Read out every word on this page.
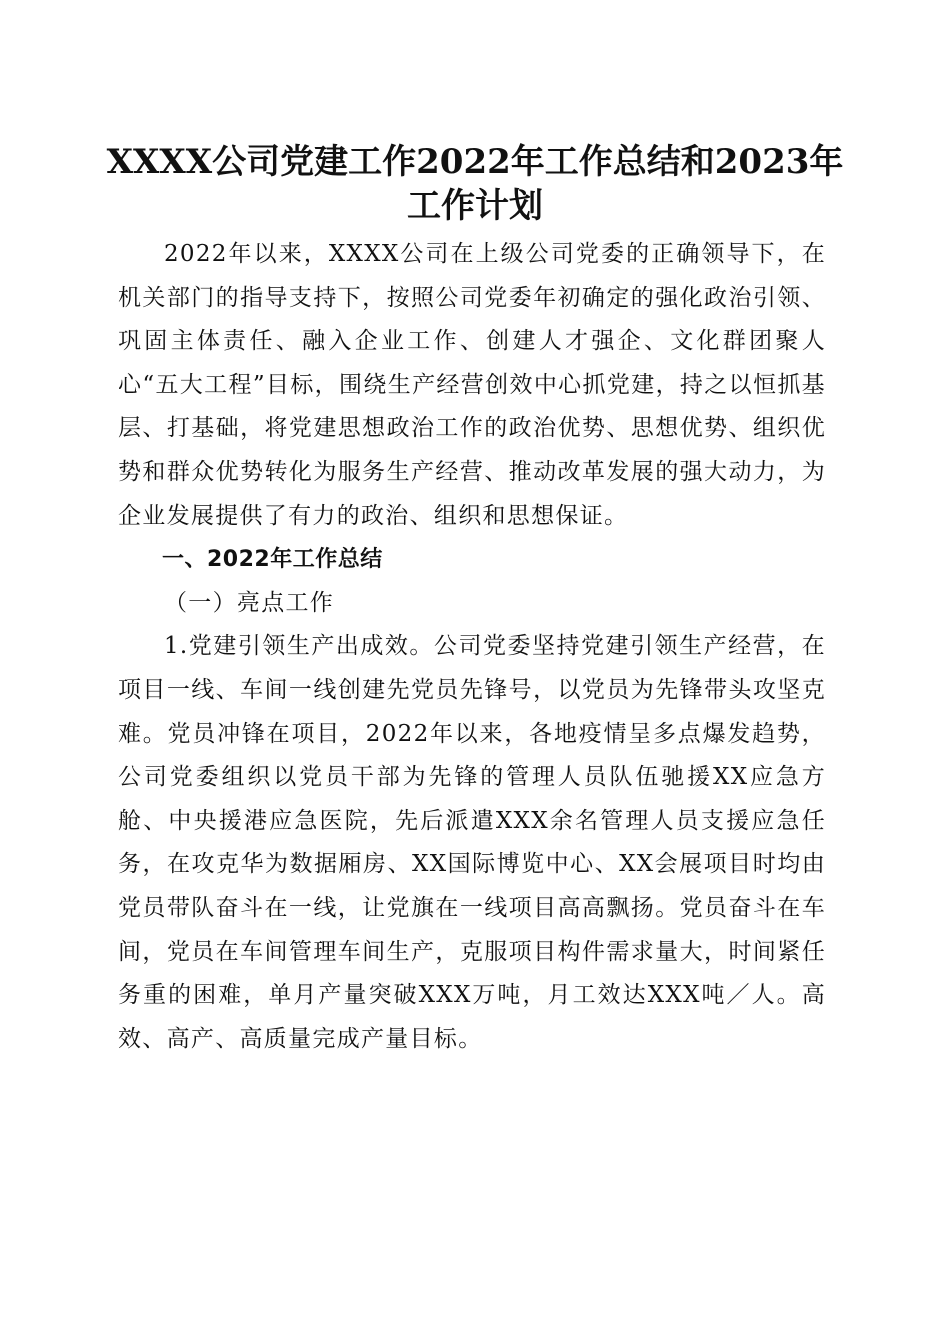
XXXX公司党建工作2022年工作总结和2023年工作计划

2022年以来，XXXX公司在上级公司党委的正确领导下，在机关部门的指导支持下，按照公司党委年初确定的强化政治引领、巩固主体责任、融入企业工作、创建人才强企、文化群团聚人心“五大工程”目标，围绕生产经营创效中心抓党建，持之以恒抓基层、打基础，将党建思想政治工作的政治优势、思想优势、组织优势和群众优势转化为服务生产经营、推动改革发展的强大动力，为企业发展提供了有力的政治、组织和思想保证。

一、2022年工作总结

（一）亮点工作

1.党建引领生产出成效。公司党委坚持党建引领生产经营，在项目一线、车间一线创建先党员先锋号，以党员为先锋带头攻坚克难。党员冲锋在项目，2022年以来，各地疫情呈多点爆发趋势，公司党委组织以党员干部为先锋的管理人员队伍驰援XX应急方舱、中央援港应急医院，先后派遣XXX余名管理人员支援应急任务，在攻克华为数据厢房、XX国际博览中心、XX会展项目时均由党员带队奋斗在一线，让党旗在一线项目高高飘扬。党员奋斗在车间，党员在车间管理车间生产，克服项目构件需求量大，时间紧任务重的困难，单月产量突破XXX万吨，月工效达XXX吨／人。高效、高产、高质量完成产量目标。
